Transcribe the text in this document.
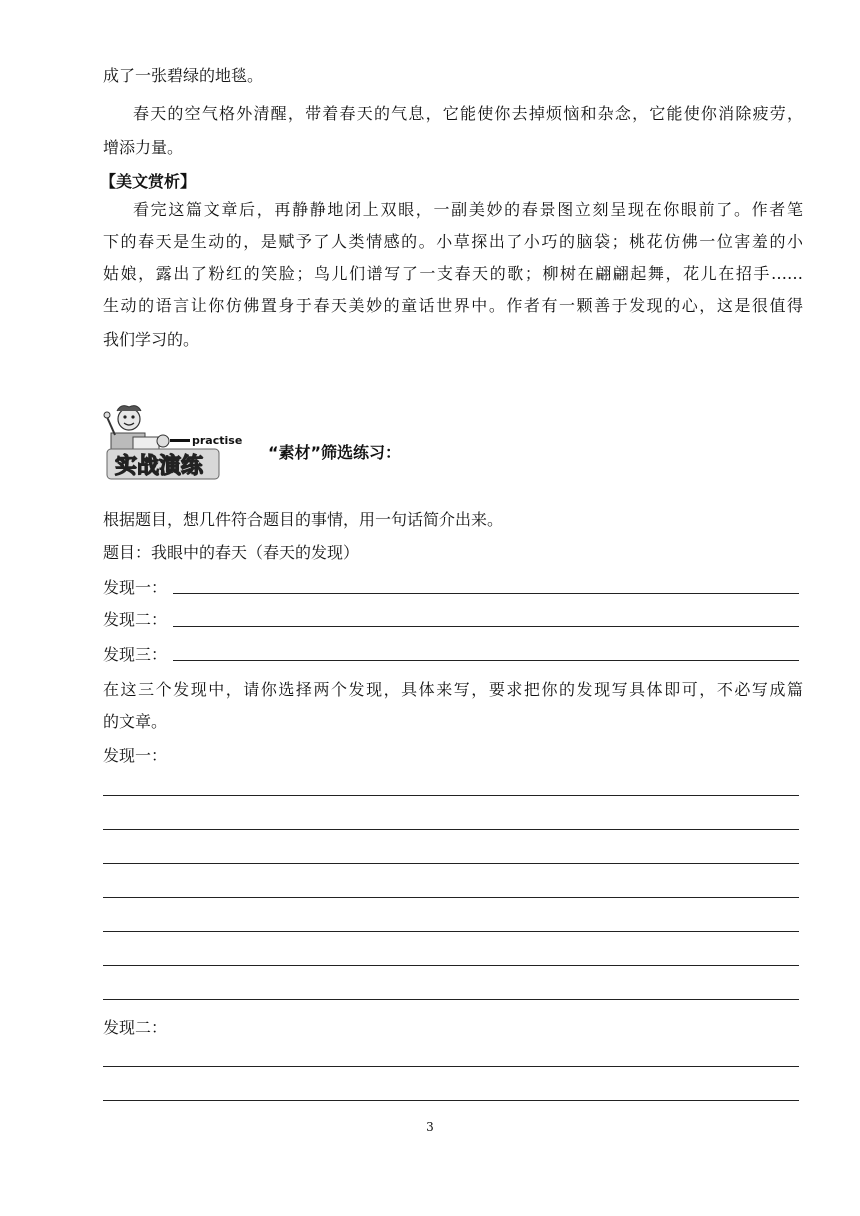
成了一张碧绿的地毯。
春天的空气格外清醒，带着春天的气息，它能使你去掉烦恼和杂念，它能使你消除疲劳，
增添力量。
【美文赏析】
看完这篇文章后，再静静地闭上双眼，一副美妙的春景图立刻呈现在你眼前了。作者笔
下的春天是生动的，是赋予了人类情感的。小草探出了小巧的脑袋；桃花仿佛一位害羞的小
姑娘，露出了粉红的笑脸；鸟儿们谱写了一支春天的歌；柳树在翩翩起舞，花儿在招手……
生动的语言让你仿佛置身于春天美妙的童话世界中。作者有一颗善于发现的心，这是很值得
我们学习的。
practise
实战演练
“素材”筛选练习：
根据题目，想几件符合题目的事情，用一句话简介出来。
题目：我眼中的春天（春天的发现）
发现一：
发现二：
发现三：
在这三个发现中，请你选择两个发现，具体来写，要求把你的发现写具体即可，不必写成篇
的文章。
发现一：
发现二：
3
